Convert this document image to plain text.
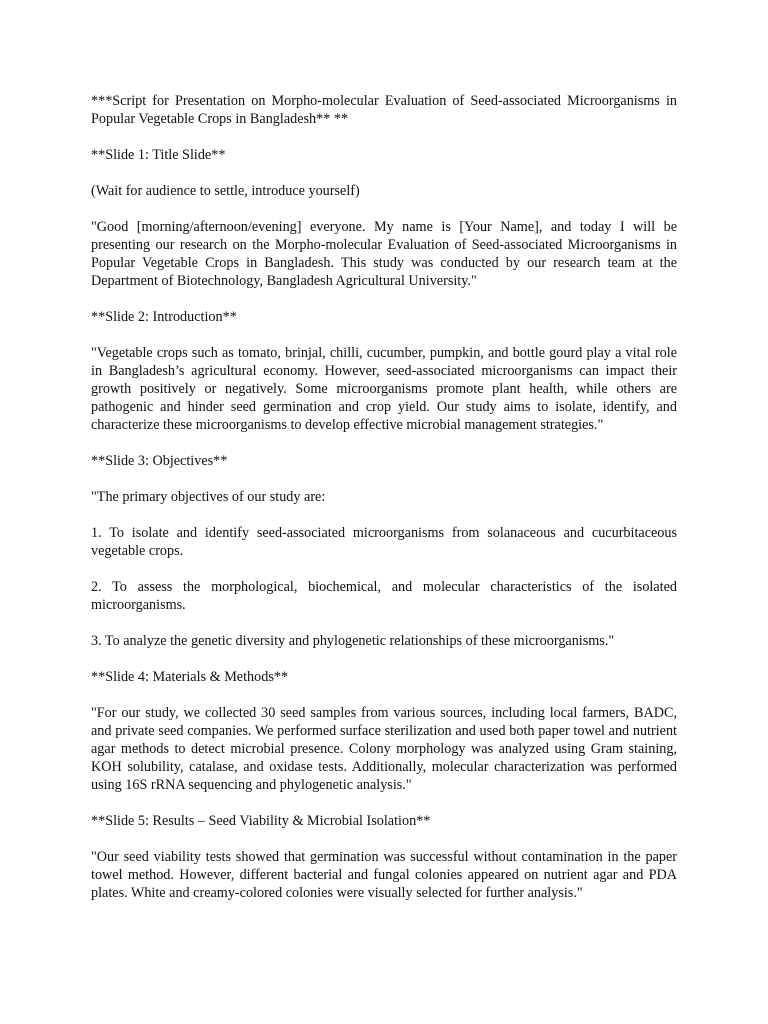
***Script for Presentation on Morpho-molecular Evaluation of Seed-associated Microorganisms in Popular Vegetable Crops in Bangladesh** **

**Slide 1: Title Slide**

(Wait for audience to settle, introduce yourself)

"Good [morning/afternoon/evening] everyone. My name is [Your Name], and today I will be presenting our research on the Morpho-molecular Evaluation of Seed-associated Microorganisms in Popular Vegetable Crops in Bangladesh. This study was conducted by our research team at the Department of Biotechnology, Bangladesh Agricultural University."

**Slide 2: Introduction**

"Vegetable crops such as tomato, brinjal, chilli, cucumber, pumpkin, and bottle gourd play a vital role in Bangladesh’s agricultural economy. However, seed-associated microorganisms can impact their growth positively or negatively. Some microorganisms promote plant health, while others are pathogenic and hinder seed germination and crop yield. Our study aims to isolate, identify, and characterize these microorganisms to develop effective microbial management strategies."

**Slide 3: Objectives**

"The primary objectives of our study are:

1. To isolate and identify seed-associated microorganisms from solanaceous and cucurbitaceous vegetable crops.

2. To assess the morphological, biochemical, and molecular characteristics of the isolated microorganisms.

3. To analyze the genetic diversity and phylogenetic relationships of these microorganisms."

**Slide 4: Materials & Methods**

"For our study, we collected 30 seed samples from various sources, including local farmers, BADC, and private seed companies. We performed surface sterilization and used both paper towel and nutrient agar methods to detect microbial presence. Colony morphology was analyzed using Gram staining, KOH solubility, catalase, and oxidase tests. Additionally, molecular characterization was performed using 16S rRNA sequencing and phylogenetic analysis."

**Slide 5: Results – Seed Viability & Microbial Isolation**

"Our seed viability tests showed that germination was successful without contamination in the paper towel method. However, different bacterial and fungal colonies appeared on nutrient agar and PDA plates. White and creamy-colored colonies were visually selected for further analysis."
